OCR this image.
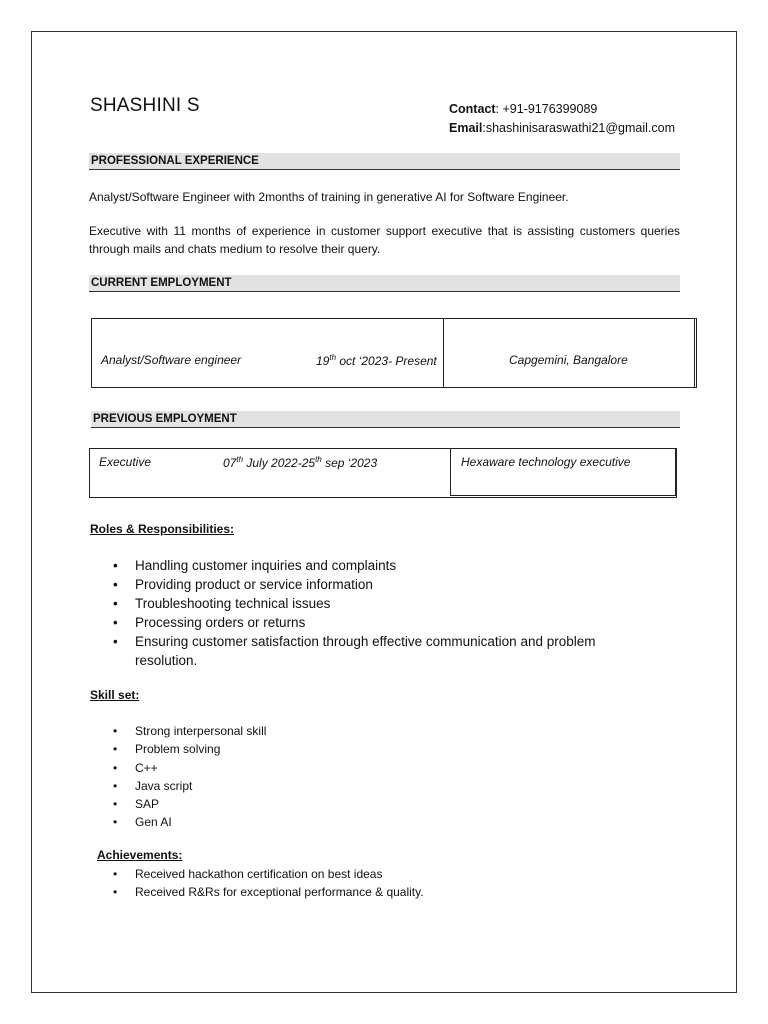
SHASHINI S	Contact: +91-9176399089
Email:shashinisaraswathi21@gmail.com
PROFESSIONAL EXPERIENCE
Analyst/Software Engineer with 2months of training in generative AI for Software Engineer.
Executive with 11 months of experience in customer support executive that is assisting customers queries through mails and chats medium to resolve their query.
CURRENT EMPLOYMENT
Analyst/Software engineer	19th oct ‘2023- Present	Capgemini, Bangalore
PREVIOUS EMPLOYMENT
Executive	07th July 2022-25th sep ‘2023	Hexaware technology executive
Roles & Responsibilities:
• Handling customer inquiries and complaints
• Providing product or service information
• Troubleshooting technical issues
• Processing orders or returns
• Ensuring customer satisfaction through effective communication and problem resolution.
Skill set:
• Strong interpersonal skill
• Problem solving
• C++
• Java script
• SAP
• Gen AI
Achievements:
• Received hackathon certification on best ideas
• Received R&Rs for exceptional performance & quality.
